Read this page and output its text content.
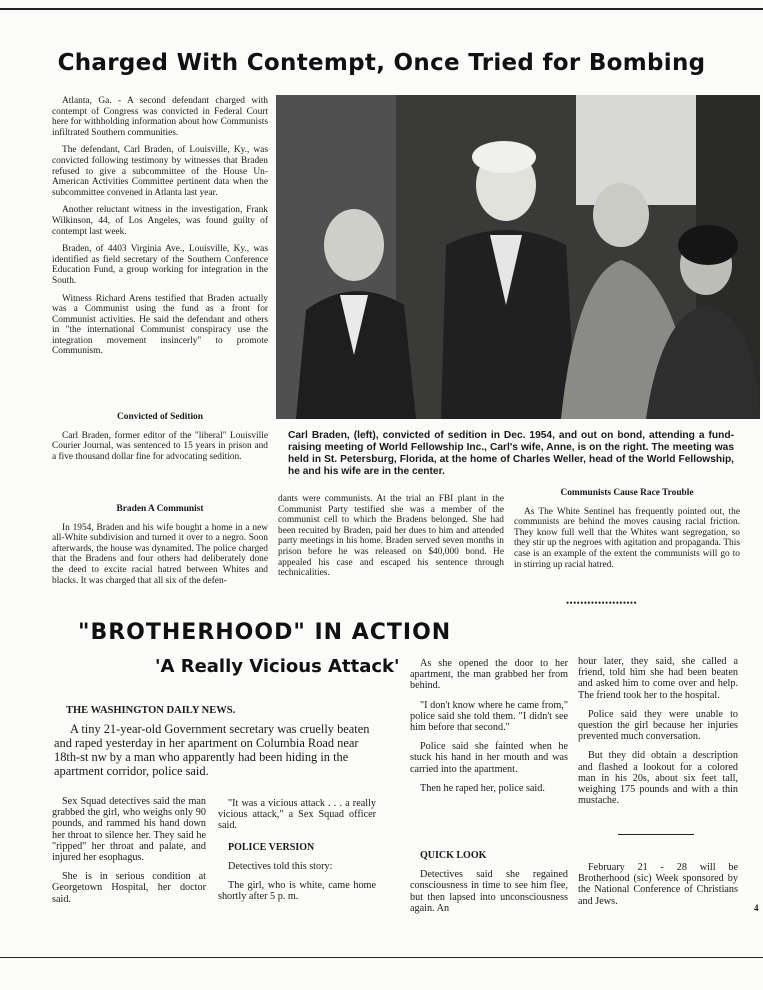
Charged With Contempt, Once Tried for Bombing

Atlanta, Ga. - A second defendant charged with contempt of Congress was convicted in Federal Court here for withholding information about how Communists infiltrated Southern communities.

The defendant, Carl Braden, of Louisville, Ky., was convicted following testimony by witnesses that Braden refused to give a subcommittee of the House Un-American Activities Committee pertinent data when the subcommittee convened in Atlanta last year.

Another reluctant witness in the investigation, Frank Wilkinson, 44, of Los Angeles, was found guilty of contempt last week.

Braden, of 4403 Virginia Ave., Louisville, Ky., was identified as field secretary of the Southern Conference Education Fund, a group working for integration in the South.

Witness Richard Arens testified that Braden actually was a Communist using the fund as a front for Communist activities. He said the defendant and others in "the international Communist conspiracy use the integration movement insincerly" to promote Communism.

Convicted of Sedition

Carl Braden, former editor of the "liberal" Louisville Courier Journal, was sentenced to 15 years in prison and a five thousand dollar fine for advocating sedition.

Carl Braden, (left), convicted of sedition in Dec. 1954, and out on bond, attending a fund-raising meeting of World Fellowship Inc., Carl's wife, Anne, is on the right. The meeting was held in St. Petersburg, Florida, at the home of Charles Weller, head of the World Fellowship, he and his wife are in the center.
Braden A Communist

In 1954, Braden and his wife bought a home in a new all-White subdivision and turned it over to a negro. Soon afterwards, the house was dynamited. The police charged that the Bradens and four others had deliberately done the deed to excite racial hatred between Whites and blacks. It was charged that all six of the defen-

dants were communists. At the trial an FBI plant in the Communist Party testified she was a member of the communist cell to which the Bradens belonged. She had been recuited by Braden, paid her dues to him and attended party meetings in his home. Braden served seven months in prison before he was released on $40,000 bond. He appealed his case and escaped his sentence through technicalities.

Communists Cause Race Trouble

As The White Sentinel has frequently pointed out, the communists are behind the moves causing racial friction. They know full well that the Whites want segregation, so they stir up the negroes with agitation and propaganda. This case is an example of the extent the communists will go to in stirring up racial hatred.

••••••••••••••••••••
"BROTHERHOOD" IN ACTION
'A Really Vicious Attack'
THE WASHINGTON DAILY NEWS.

A tiny 21-year-old Government secretary was cruelly beaten and raped yesterday in her apartment on Columbia Road near 18th-st nw by a man who apparently had been hiding in the apartment corridor, police said.

Sex Squad detectives said the man grabbed the girl, who weighs only 90 pounds, and rammed his hand down her throat to silence her. They said he "ripped" her throat and palate, and injured her esophagus.

She is in serious condition at Georgetown Hospital, her doctor said.

"It was a vicious attack . . . a really vicious attack," a Sex Squad officer said.

POLICE VERSION

Detectives told this story:

The girl, who is white, came home shortly after 5 p. m.

As she opened the door to her apartment, the man grabbed her from behind.

"I don't know where he came from," police said she told them. "I didn't see him before that second."

Police said she fainted when he stuck his hand in her mouth and was carried into the apartment.

Then he raped her, police said.

QUICK LOOK

Detectives said she regained consciousness in time to see him flee, but then lapsed into unconsciousness again. An

hour later, they said, she called a friend, told him she had been beaten and asked him to come over and help. The friend took her to the hospital.

Police said they were unable to question the girl because her injuries prevented much conversation.

But they did obtain a description and flashed a lookout for a colored man in his 20s, about six feet tall, weighing 175 pounds and with a thin mustache.

February 21 - 28 will be Brotherhood (sic) Week sponsored by the National Conference of Christians and Jews.

4
